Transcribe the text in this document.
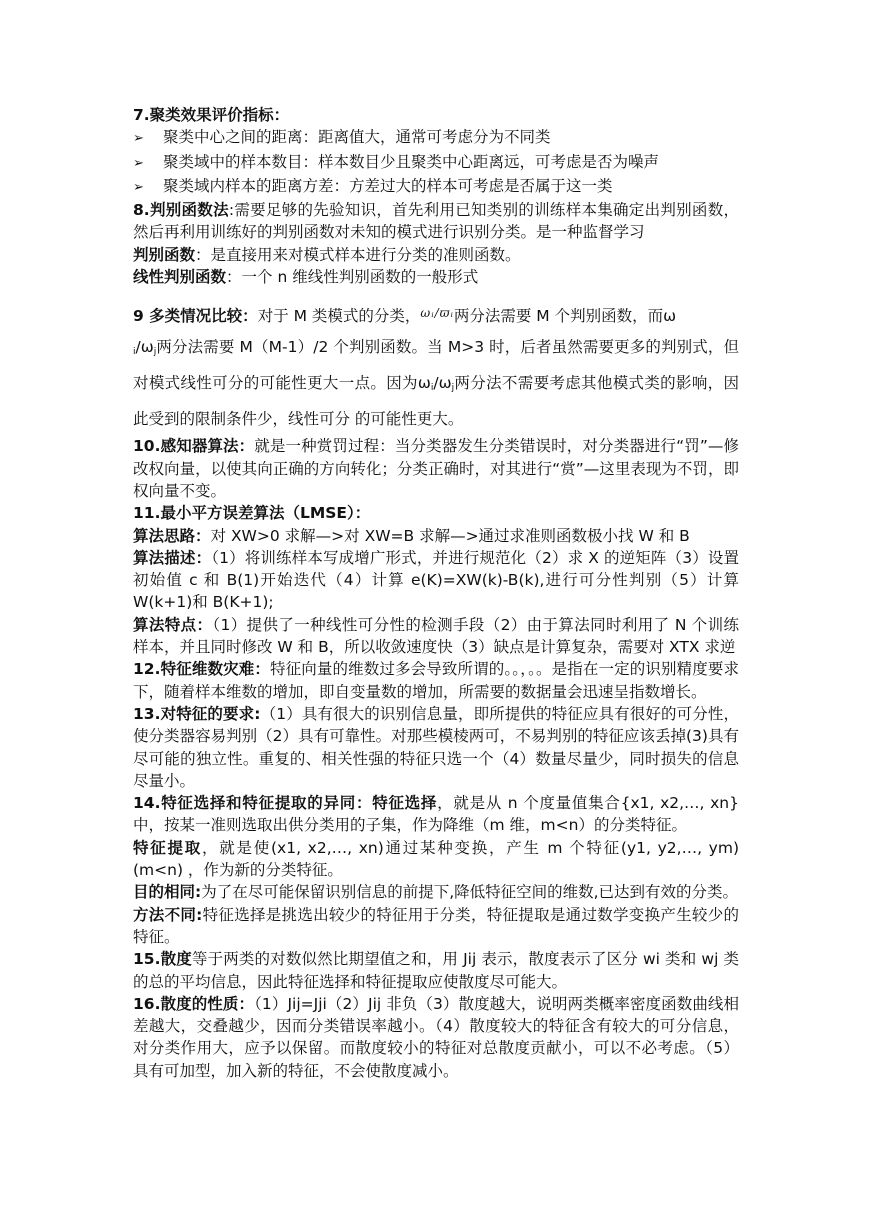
7.聚类效果评价指标：

➢	聚类中心之间的距离：距离值大，通常可考虑分为不同类
➢	聚类域中的样本数目：样本数目少且聚类中心距离远，可考虑是否为噪声
➢	聚类域内样本的距离方差：方差过大的样本可考虑是否属于这一类

8.判别函数法:需要足够的先验知识，首先利用已知类别的训练样本集确定出判别函数，然后再利用训练好的判别函数对未知的模式进行识别分类。是一种监督学习

判别函数：是直接用来对模式样本进行分类的准则函数。

线性判别函数：一个 n 维线性判别函数的一般形式

9 多类情况比较：对于 M 类模式的分类，$^{\omega ᵢ/ϖᵢ}$两分法需要 M 个判别函数，而ω
$_i/\omega_j$两分法需要 M（M-1）/2 个判别函数。当 M>3 时，后者虽然需要更多的判别式，但对模式线性可分的可能性更大一点。因为$\omega_i/\omega_j$两分法不需要考虑其他模式类的影响，因此受到的限制条件少，线性可分 的可能性更大。

10.感知器算法：就是一种赏罚过程：当分类器发生分类错误时，对分类器进行“罚”—修改权向量，以使其向正确的方向转化；分类正确时，对其进行“赏”—这里表现为不罚，即权向量不变。

11.最小平方误差算法（LMSE）：

算法思路：对 XW>0 求解—>对 XW=B 求解—>通过求准则函数极小找 W 和 B

算法描述：（1）将训练样本写成增广形式，并进行规范化（2）求 X 的逆矩阵（3）设置初始值 c 和 B(1)开始迭代（4）计算 e(K)=XW(k)-B(k),进行可分性判别（5）计算 W(k+1)和 B(K+1);

算法特点：（1）提供了一种线性可分性的检测手段（2）由于算法同时利用了 N 个训练样本，并且同时修改 W 和 B，所以收敛速度快（3）缺点是计算复杂，需要对 XTX 求逆

12.特征维数灾难：特征向量的维数过多会导致所谓的。。，。。是指在一定的识别精度要求下，随着样本维数的增加，即自变量数的增加，所需要的数据量会迅速呈指数增长。

13.对特征的要求:（1）具有很大的识别信息量，即所提供的特征应具有很好的可分性，使分类器容易判别（2）具有可靠性。对那些模棱两可，不易判别的特征应该丢掉(3)具有尽可能的独立性。重复的、相关性强的特征只选一个（4）数量尽量少，同时损失的信息尽量小。

14.特征选择和特征提取的异同：特征选择，就是从 n 个度量值集合{x1, x2,…, xn}中，按某一准则选取出供分类用的子集，作为降维（m 维，m<n）的分类特征。

特征提取，就是使(x1, x2,…, xn)通过某种变换，产生 m 个特征(y1, y2,…, ym) (m<n) ，作为新的分类特征。

目的相同:为了在尽可能保留识别信息的前提下,降低特征空间的维数,已达到有效的分类。

方法不同:特征选择是挑选出较少的特征用于分类，特征提取是通过数学变换产生较少的特征。

15.散度等于两类的对数似然比期望值之和，用 Jij 表示，散度表示了区分 wi 类和 wj 类的总的平均信息，因此特征选择和特征提取应使散度尽可能大。

16.散度的性质：（1）Jij=Jji（2）Jij 非负（3）散度越大，说明两类概率密度函数曲线相差越大，交叠越少，因而分类错误率越小。（4）散度较大的特征含有较大的可分信息，对分类作用大，应予以保留。而散度较小的特征对总散度贡献小，可以不必考虑。（5）具有可加型，加入新的特征，不会使散度减小。
